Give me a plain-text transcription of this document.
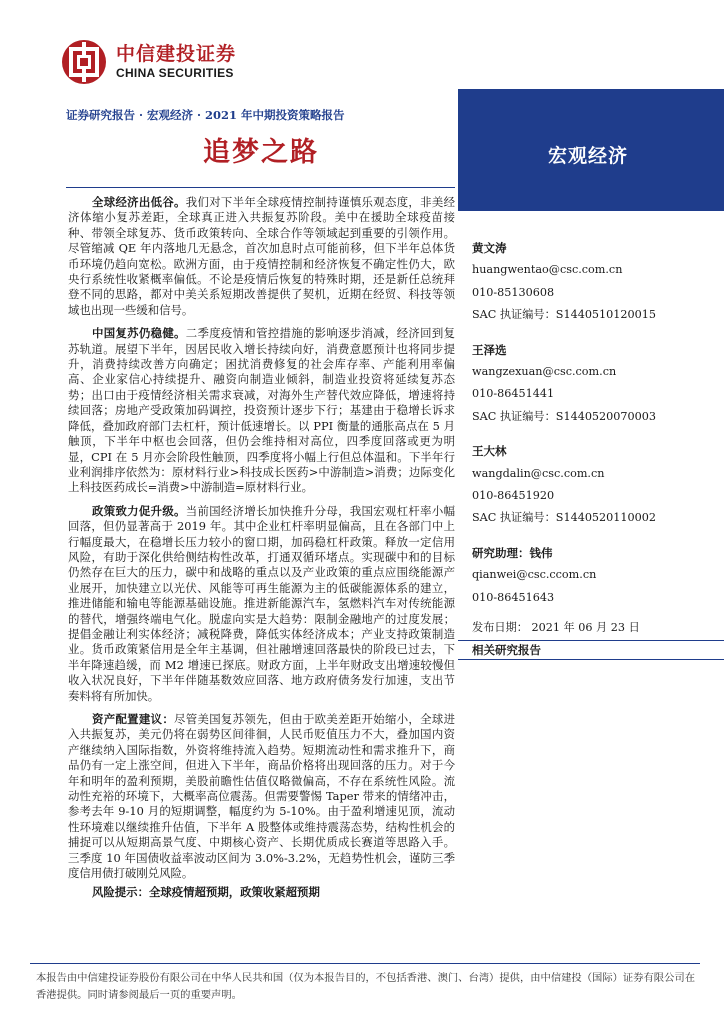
中信建投证券
CHINA SECURITIES
证券研究报告 · 宏观经济 · 2021 年中期投资策略报告
追梦之路	宏观经济

全球经济出低谷。我们对下半年全球疫情控制持谨慎乐观态度，非美经济体缩小复苏差距，全球真正进入共振复苏阶段。美中在援助全球疫苗接种、带领全球复苏、货币政策转向、全球合作等领域起到重要的引领作用。尽管缩减 QE 年内落地几无悬念，首次加息时点可能前移，但下半年总体货币环境仍趋向宽松。欧洲方面，由于疫情控制和经济恢复不确定性仍大，欧央行系统性收紧概率偏低。不论是疫情后恢复的特殊时期，还是新任总统拜登不同的思路，都对中美关系短期改善提供了契机，近期在经贸、科技等领域也出现一些缓和信号。

中国复苏仍稳健。二季度疫情和管控措施的影响逐步消减，经济回到复苏轨道。展望下半年，因居民收入增长持续向好，消费意愿预计也将同步提升，消费持续改善方向确定；困扰消费修复的社会库存率、产能利用率偏高、企业家信心持续提升、融资向制造业倾斜，制造业投资将延续复苏态势；出口由于疫情经济相关需求衰减，对海外生产替代效应降低，增速将持续回落；房地产受政策加码调控，投资预计逐步下行；基建由于稳增长诉求降低，叠加政府部门去杠杆，预计低速增长。以 PPI 衡量的通胀高点在 5 月触顶，下半年中枢也会回落，但仍会维持相对高位，四季度回落或更为明显，CPI 在 5 月亦会阶段性触顶，四季度将小幅上行但总体温和。下半年行业利润排序依然为：原材料行业>科技成长医药>中游制造>消费；边际变化上科技医药成长=消费>中游制造=原材料行业。

政策致力促升级。当前国经济增长加快推升分母，我国宏观杠杆率小幅回落，但仍显著高于 2019 年。其中企业杠杆率明显偏高，且在各部门中上行幅度最大，在稳增长压力较小的窗口期，加码稳杠杆政策。释放一定信用风险，有助于深化供给侧结构性改革，打通双循环堵点。实现碳中和的目标仍然存在巨大的压力，碳中和战略的重点以及产业政策的重点应围绕能源产业展开，加快建立以光伏、风能等可再生能源为主的低碳能源体系的建立，推进储能和输电等能源基础设施。推进新能源汽车，氢燃料汽车对传统能源的替代，增强终端电气化。脱虚向实是大趋势：限制金融地产的过度发展；提倡金融让利实体经济；减税降费，降低实体经济成本；产业支持政策制造业。货币政策紧信用是全年主基调，但社融增速回落最快的阶段已过去，下半年降速趋缓，而 M2 增速已探底。财政方面，上半年财政支出增速较慢但收入状况良好，下半年伴随基数效应回落、地方政府债务发行加速，支出节奏料将有所加快。

资产配置建议：尽管美国复苏领先，但由于欧美差距开始缩小，全球进入共振复苏，美元仍将在弱势区间徘徊，人民币贬值压力不大，叠加国内资产继续纳入国际指数，外资将维持流入趋势。短期流动性和需求推升下，商品仍有一定上涨空间，但进入下半年，商品价格将出现回落的压力。对于今年和明年的盈利预期，美股前瞻性估值仅略微偏高，不存在系统性风险。流动性充裕的环境下，大概率高位震荡。但需要警惕 Taper 带来的情绪冲击，参考去年 9-10 月的短期调整，幅度约为 5-10%。由于盈利增速见顶，流动性环境难以继续推升估值，下半年 A 股整体或维持震荡态势，结构性机会的捕捉可以从短期高景气度、中期核心资产、长期优质成长赛道等思路入手。三季度 10 年国债收益率波动区间为 3.0%-3.2%，无趋势性机会，谨防三季度信用债打破刚兑风险。

风险提示：全球疫情超预期，政策收紧超预期

黄文涛
huangwentao@csc.com.cn
010-85130608
SAC 执证编号：S1440510120015
王泽选
wangzexuan@csc.com.cn
010-86451441
SAC 执证编号：S1440520070003
王大林
wangdalin@csc.com.cn
010-86451920
SAC 执证编号：S1440520110002
研究助理：钱伟
qianwei@csc.ccom.cn
010-86451643
发布日期： 2021 年 06 月 23 日
相关研究报告
本报告由中信建投证券股份有限公司在中华人民共和国（仅为本报告目的，不包括香港、澳门、台湾）提供，由中信建投（国际）证券有限公司在香港提供。同时请参阅最后一页的重要声明。
